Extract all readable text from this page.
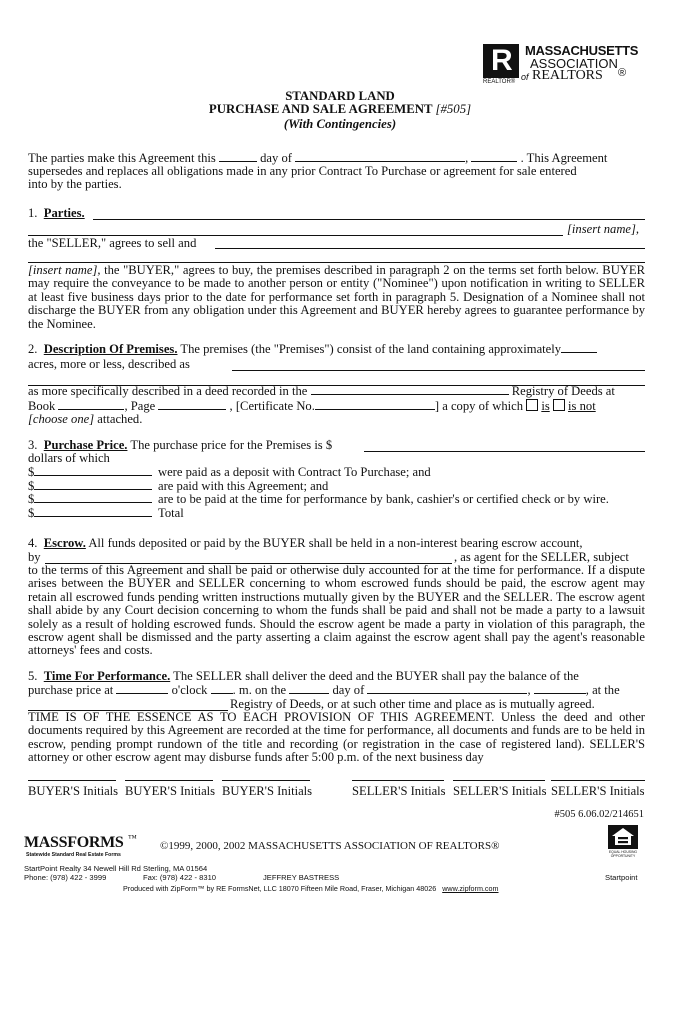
R
REALTOR®
MASSACHUSETTS
ASSOCIATION
of REALTORS ®
STANDARD LAND
PURCHASE AND SALE AGREEMENT [#505]
(With Contingencies)
The parties make this Agreement this	day of	,	. This Agreement
supersedes and replaces all obligations made in any prior Contract To Purchase or agreement for sale entered
into by the parties.
1. Parties.
[insert name],
the "SELLER," agrees to sell and
[insert name], the "BUYER," agrees to buy, the premises described in paragraph 2 on the terms set forth below. BUYER may require the conveyance to be made to another person or entity ("Nominee") upon notification in writing to SELLER at least five business days prior to the date for performance set forth in paragraph 5. Designation of a Nominee shall not discharge the BUYER from any obligation under this Agreement and BUYER hereby agrees to guarantee performance by the Nominee.
2. Description Of Premises. The premises (the "Premises") consist of the land containing approximately
acres, more or less, described as
as more specifically described in a deed recorded in the	Registry of Deeds at
Book	, Page	, [Certificate No.	] a copy of which is is not
[choose one] attached.
3. Purchase Price. The purchase price for the Premises is $
dollars of which
$	were paid as a deposit with Contract To Purchase; and
$	are paid with this Agreement; and
$	are to be paid at the time for performance by bank, cashier's or certified check or by wire.
$	Total
4. Escrow. All funds deposited or paid by the BUYER shall be held in a non-interest bearing escrow account,
by	, as agent for the SELLER, subject
to the terms of this Agreement and shall be paid or otherwise duly accounted for at the time for performance. If a dispute arises between the BUYER and SELLER concerning to whom escrowed funds should be paid, the escrow agent may retain all escrowed funds pending written instructions mutually given by the BUYER and the SELLER. The escrow agent shall abide by any Court decision concerning to whom the funds shall be paid and shall not be made a party to a lawsuit solely as a result of holding escrowed funds. Should the escrow agent be made a party in violation of this paragraph, the escrow agent shall be dismissed and the party asserting a claim against the escrow agent shall pay the agent's reasonable attorneys' fees and costs.
5. Time For Performance. The SELLER shall deliver the deed and the BUYER shall pay the balance of the
purchase price at	o'clock . m. on the	day of	,	, at the
Registry of Deeds, or at such other time and place as is mutually agreed.
TIME IS OF THE ESSENCE AS TO EACH PROVISION OF THIS AGREEMENT. Unless the deed and other documents required by this Agreement are recorded at the time for performance, all documents and funds are to be held in escrow, pending prompt rundown of the title and recording (or registration in the case of registered land). SELLER'S attorney or other escrow agent may disburse funds after 5:00 p.m. of the next business day
BUYER'S Initials BUYER'S Initials BUYER'S Initials	SELLER'S Initials SELLER'S Initials SELLER'S Initials
#505 6.06.02/214651
MASSFORMS ™
Statewide Standard Real Estate Forms
©1999, 2000, 2002 MASSACHUSETTS ASSOCIATION OF REALTORS®	EQUAL HOUSING OPPORTUNITY
StartPoint Realty 34 Newell Hill Rd Sterling, MA 01564
Phone: (978) 422 - 3999	Fax: (978) 422 - 8310	JEFFREY BASTRESS	Startpoint
Produced with ZipForm™ by RE FormsNet, LLC 18070 Fifteen Mile Road, Fraser, Michigan 48026 www.zipform.com
